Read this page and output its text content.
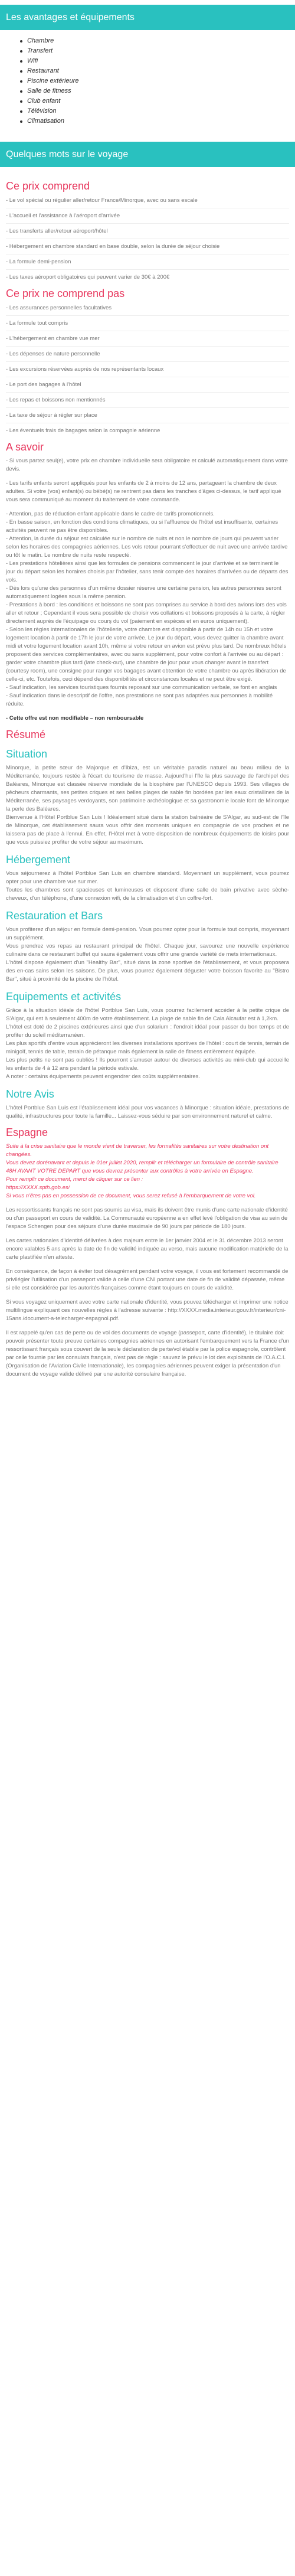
Les avantages et équipements
Chambre
Transfert
Wifi
Restaurant
Piscine extérieure
Salle de fitness
Club enfant
Télévision
Climatisation
Quelques mots sur le voyage
Ce prix comprend

- Le vol spécial ou régulier aller/retour France/Minorque, avec ou sans escale

- L'accueil et l'assistance à l'aéroport d'arrivée

- Les transferts aller/retour aéroport/hôtel

- Hébergement en chambre standard en base double, selon la durée de séjour choisie

- La formule demi-pension

- Les taxes aéroport obligatoires qui peuvent varier de 30€ à 200€

Ce prix ne comprend pas

- Les assurances personnelles facultatives

- La formule tout compris

- L'hébergement en chambre vue mer

- Les dépenses de nature personnelle

- Les excursions réservées auprès de nos représentants locaux

- Le port des bagages à l'hôtel

- Les repas et boissons non mentionnés

- La taxe de séjour à régler sur place

- Les éventuels frais de bagages selon la compagnie aérienne

A savoir

- Si vous partez seul(e), votre prix en chambre individuelle sera obligatoire et calculé automatiquement dans votre devis.

- Les tarifs enfants seront appliqués pour les enfants de 2 à moins de 12 ans, partageant la chambre de deux adultes. Si votre (vos) enfant(s) ou bébé(s) ne rentrent pas dans les tranches d'âges ci-dessus, le tarif appliqué vous sera communiqué au moment du traitement de votre commande.

- Attention, pas de réduction enfant applicable dans le cadre de tarifs promotionnels.
- En basse saison, en fonction des conditions climatiques, ou si l'affluence de l'hôtel est insuffisante, certaines activités peuvent ne pas être disponibles.
- Attention, la durée du séjour est calculée sur le nombre de nuits et non le nombre de jours qui peuvent varier selon les horaires des compagnies aériennes. Les vols retour pourrant s'effectuer de nuit avec une arrivée tardive ou tôt le matin. Le nombre de nuits reste respecté.
- Les prestations hôtelières ainsi que les formules de pensions commencent le jour d'arrivée et se terminent le jour du départ selon les horaires choisis par l'hôtelier, sans tenir compte des horaires d'arrivées ou de départs des vols.
- Dès lors qu'une des personnes d'un même dossier réserve une certaine pension, les autres personnes seront automatiquement logées sous la même pension.
- Prestations à bord : les conditions et boissons ne sont pas comprises au service à bord des avions lors des vols aller et retour ; Cependant il vous sera possible de choisir vos collations et boissons proposés à la carte, à régler directement auprès de l'équipage ou courş du vol (paiement en espèces et en euros uniquement).
- Selon les règles internationales de l'hôtellerie, votre chambre est disponible à partir de 14h ou 15h et votre logement location à partir de 17h le jour de votre arrivée. Le jour du départ, vous devez quitter la chambre avant midi et votre logement location avant 10h, même si votre retour en avion est prévu plus tard. De nombreux hôtels proposent des services complémentaires, avec ou sans supplément, pour votre confort à l'arrivée ou au départ : garder votre chambre plus tard (late check-out), une chambre de jour pour vous changer avant le transfert (courtesy room), une consigne pour ranger vos bagages avant obtention de votre chambre ou après libération de celle-ci, etc. Toutefois, ceci dépend des disponibilités et circonstances locales et ne peut être exigé.
- Sauf indication, les services touristiques fournis reposant sur une communication verbale, se font en anglais
- Sauf indication dans le descriptif de l'offre, nos prestations ne sont pas adaptées aux personnes à mobilité réduite.

- Cette offre est non modifiable – non remboursable

Résumé
Situation

Minorque, la petite sœur de Majorque et d'Ibiza, est un véritable paradis naturel au beau milieu de la Méditerranée, toujours restée à l'écart du tourisme de masse. Aujourd'hui l'île la plus sauvage de l'archipel des Baléares, Minorque est classée réserve mondiale de la biosphère par l'UNESCO depuis 1993. Ses villages de pêcheurs charmants, ses petites criques et ses belles plages de sable fin bordées par les eaux cristallines de la Méditerranée, ses paysages verdoyants, son patrimoine archéologique et sa gastronomie locale font de Minorque la perle des Baléares.
Bienvenue à l'Hôtel Portblue San Luis ! Idéalement situé dans la station balnéaire de S'Algar, au sud-est de l'île de Minorque, cet établissement saura vous offrir des moments uniques en compagnie de vos proches et ne laissera pas de place à l'ennui. En effet, l'Hôtel met à votre disposition de nombreux équipements de loisirs pour que vous puissiez profiter de votre séjour au maximum.

Hébergement

Vous séjournerez à l'hôtel Portblue San Luis en chambre standard. Moyennant un supplément, vous pourrez opter pour une chambre vue sur mer.
Toutes les chambres sont spacieuses et lumineuses et disposent d'une salle de bain privative avec sèche-cheveux, d'un téléphone, d'une connexion wifi, de la climatisation et d'un coffre-fort.

Restauration et Bars

Vous profiterez d'un séjour en formule demi-pension. Vous pourrez opter pour la formule tout compris, moyennant un supplément.
Vous prendrez vos repas au restaurant principal de l'hôtel. Chaque jour, savourez une nouvelle expérience culinaire dans ce restaurant buffet qui saura également vous offrir une grande variété de mets internationaux.
L'hôtel dispose également d'un "Healthy Bar", situé dans la zone sportive de l'établissement, et vous proposera des en-cas sains selon les saisons. De plus, vous pourrez également déguster votre boisson favorite au "Bistro Bar", situé à proximité de la piscine de l'hôtel.

Equipements et activités

Grâce à la situation idéale de l'hôtel Portblue San Luis, vous pourrez facilement accéder à la petite crique de S'Algar, qui est à seulement 400m de votre établissement. La plage de sable fin de Cala Alcaufar est à 1,2km.
L'hôtel est doté de 2 piscines extérieures ainsi que d'un solarium : l'endroit idéal pour passer du bon temps et de profiter du soleil méditerranéen.
Les plus sportifs d'entre vous apprécieront les diverses installations sportives de l'hôtel : court de tennis, terrain de minigolf, tennis de table, terrain de pétanque mais également la salle de fitness entièrement équipée.
Les plus petits ne sont pas oubliés ! Ils pourront s'amuser autour de diverses activités au mini-club qui accueille les enfants de 4 à 12 ans pendant la période estivale.
A noter : certains équipements peuvent engendrer des coûts supplémentaires.

Notre Avis

L'hôtel Portblue San Luis est l'établissement idéal pour vos vacances à Minorque : situation idéale, prestations de qualité, infrastructures pour toute la famille... Laissez-vous séduire par son environnement naturel et calme.

Espagne

Suite à la crise sanitaire que le monde vient de traverser, les formalités sanitaires sur votre destination ont changées.
Vous devez dorénavant et depuis le 01er juillet 2020, remplir et télécharger un formulaire de contrôle sanitaire 48H AVANT VOTRE DEPART que vous devrez présenter aux contrôles à votre arrivée en Espagne.
Pour remplir ce document, merci de cliquer sur ce lien :
https://XXXX.spth.gob.es/
Si vous n'êtes pas en possession de ce document, vous serez refusé à l'embarquement de votre vol.

Les ressortissants français ne sont pas soumis au visa, mais ils doivent être munis d'une carte nationale d'identité ou d'un passeport en cours de validité. La Communauté européenne a en effet levé l'obligation de visa au sein de l'espace Schengen pour des séjours d'une durée maximale de 90 jours par période de 180 jours.

Les cartes nationales d'identité délivrées à des majeurs entre le 1er janvier 2004 et le 31 décembre 2013 seront encore valables 5 ans après la date de fin de validité indiquée au verso, mais aucune modification matérielle de la carte plastifiée n'en atteste.

En conséquence, de façon à éviter tout désagrément pendant votre voyage, il vous est fortement recommandé de privilégier l'utilisation d'un passeport valide à celle d'une CNI portant une date de fin de validité dépassée, même si elle est considérée par les autorités françaises comme étant toujours en cours de validité.

Si vous voyagez uniquement avec votre carte nationale d'identité, vous pouvez télécharger et imprimer une notice multilingue expliquant ces nouvelles règles à l'adresse suivante : http://XXXX.media.interieur.gouv.fr/interieur/cni-15ans /document-a-telecharger-espagnol.pdf.

Il est rappelé qu'en cas de perte ou de vol des documents de voyage (passeport, carte d'identité), le titulaire doit pouvoir présenter toute preuve certaines compagnies aériennes en autorisant l'embarquement vers la France d'un ressortissant français sous couvert de la seule déclaration de perte/vol établie par la police espagnole, contrôlent par celle fournie par les consulats français, n'est pas de règle : sauvez le prévu le lot des exploitants de l'O.A.C.I. (Organisation de l'Aviation Civile Internationale), les compagnies aériennes peuvent exiger la présentation d'un document de voyage valide délivré par une autorité consulaire française.
